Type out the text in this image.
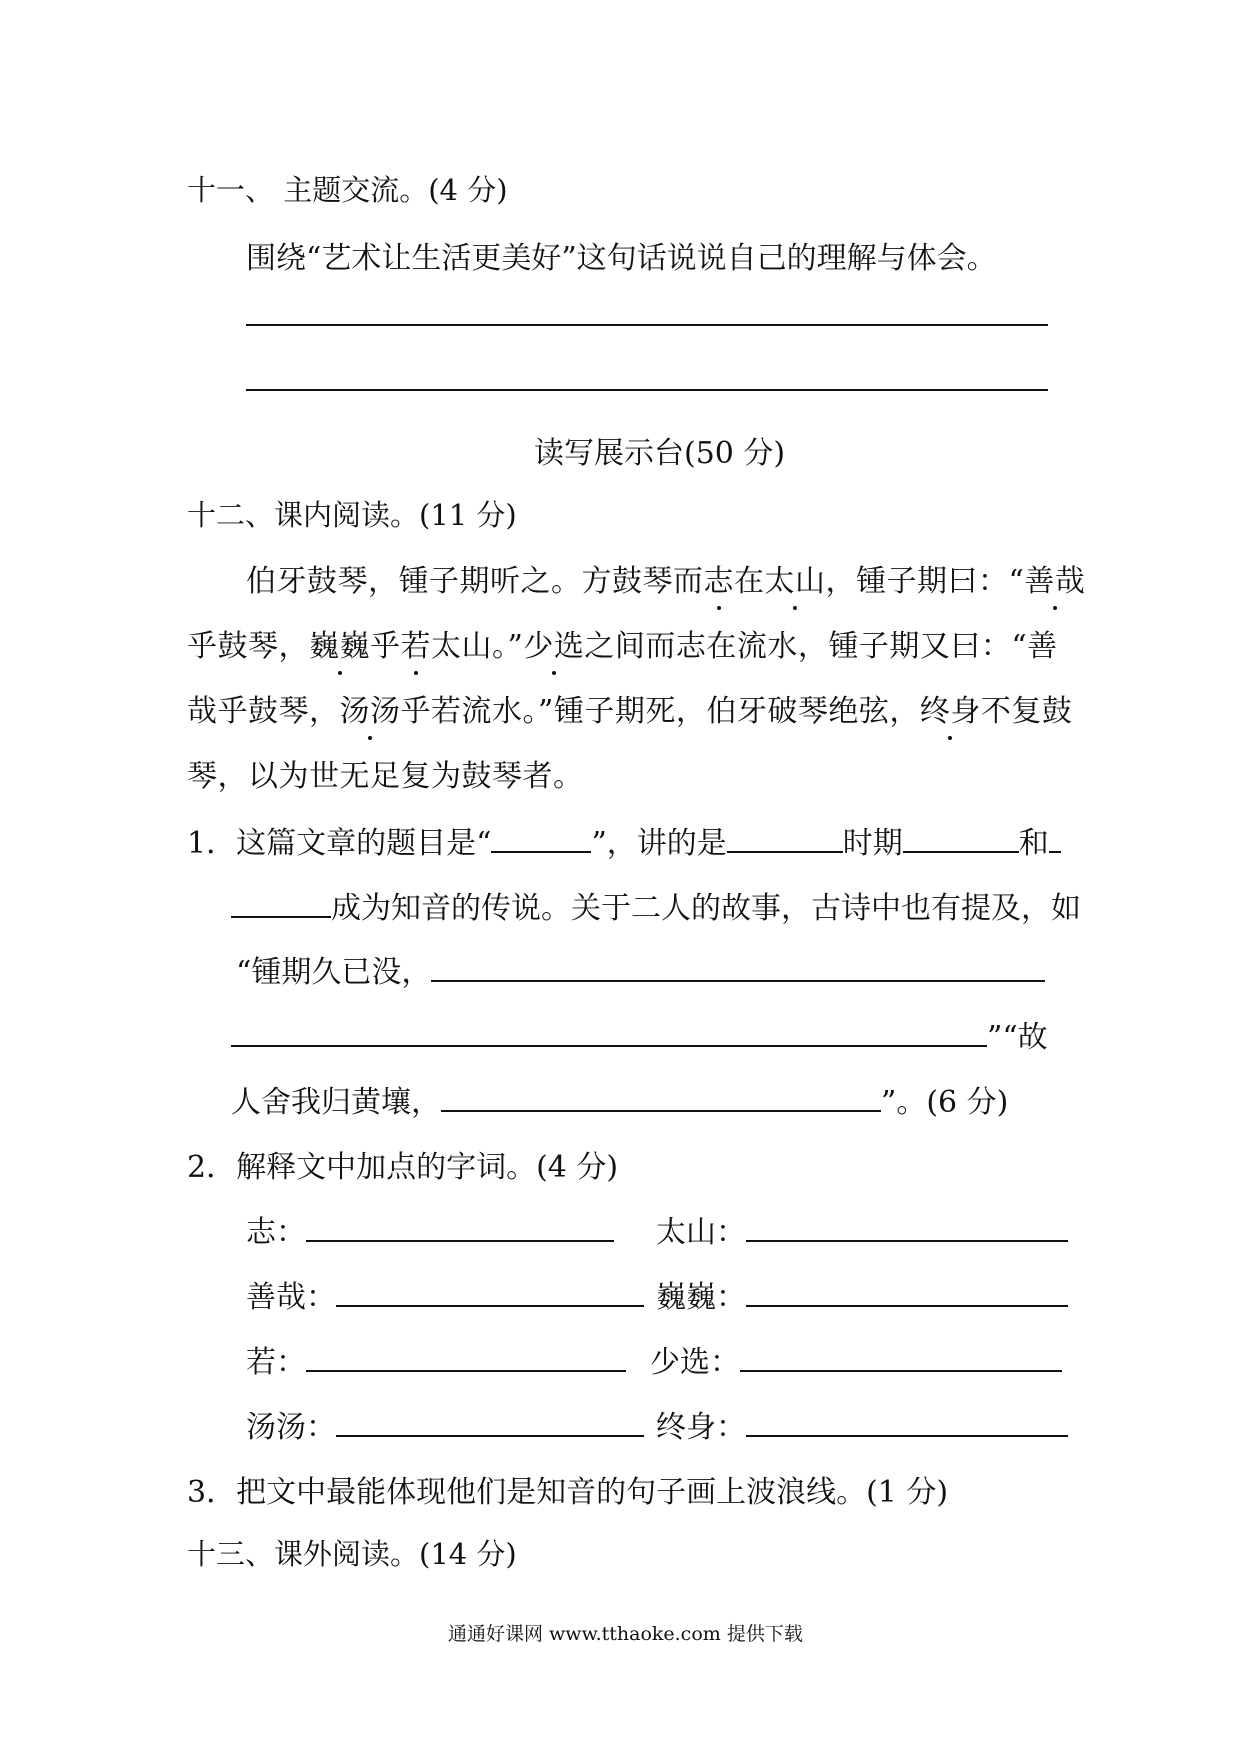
十一、 主题交流。(4 分)
围绕“艺术让生活更美好”这句话说说自己的理解与体会。
读写展示台(50 分)
十二、课内阅读。(11 分)
伯牙鼓琴，锺子期听之。方鼓琴而志在太山，锺子期曰：“善哉
乎鼓琴，巍巍乎若太山。”少选之间而志在流水，锺子期又曰：“善
哉乎鼓琴，汤汤乎若流水。”锺子期死，伯牙破琴绝弦，终身不复鼓
琴，以为世无足复为鼓琴者。
1．这篇文章的题目是“	”，讲的是	时期	和
成为知音的传说。关于二人的故事，古诗中也有提及，如
“锺期久已没，
”“故
人舍我归黄壤，	”。(6 分)
2．解释文中加点的字词。(4 分)
志：	太山：
善哉：	巍巍：
若：	少选：
汤汤：	终身：
3．把文中最能体现他们是知音的句子画上波浪线。(1 分)
十三、课外阅读。(14 分)
通通好课网 www.tthaoke.com 提供下载
